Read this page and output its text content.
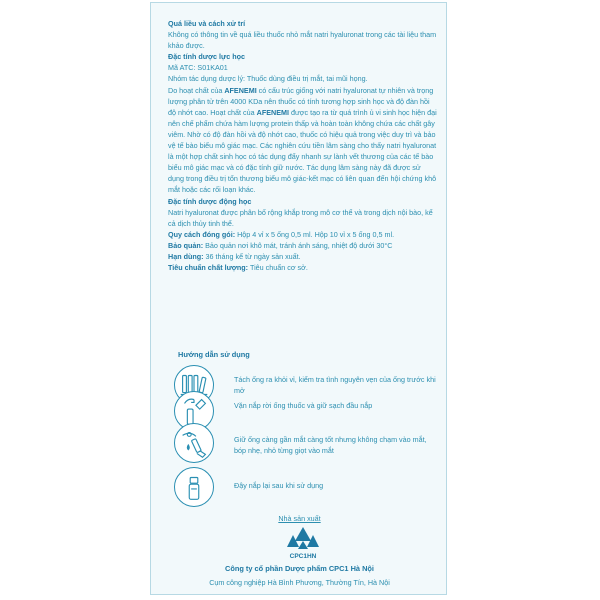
Quá liều và cách xử trí

Không có thông tin về quá liều thuốc nhỏ mắt natri hyaluronat trong các tài liệu tham khảo được.

Đặc tính dược lực học

Mã ATC: S01KA01

Nhóm tác dụng dược lý: Thuốc dùng điều trị mắt, tai mũi họng.

Do hoạt chất của AFENEMI có cấu trúc giống với natri hyaluronat tự nhiên và trọng lượng phân tử trên 4000 KDa nên thuốc có tính tương hợp sinh học và độ đàn hồi độ nhớt cao. Hoạt chất của AFENEMI được tạo ra từ quá trình ủ vi sinh học hiện đại nên chế phẩm chứa hàm lượng protein thấp và hoàn toàn không chứa các chất gây viêm. Nhờ có độ đàn hồi và độ nhớt cao, thuốc có hiệu quả trong việc duy trì và bảo vệ tế bào biểu mô giác mạc. Các nghiên cứu tiền lâm sàng cho thấy natri hyaluronat là một hợp chất sinh học có tác dụng đẩy nhanh sự lành vết thương của các tế bào biểu mô giác mạc và có đặc tính giữ nước. Tác dụng lâm sàng này đã được sử dụng trong điều trị tổn thương biểu mô giác-kết mạc có liên quan đến hội chứng khô mắt hoặc các rối loạn khác.

Đặc tính dược động học

Natri hyaluronat được phân bố rộng khắp trong mô cơ thể và trong dịch nội bào, kể cả dịch thủy tinh thể.

Quy cách đóng gói: Hộp 4 vỉ x 5 ống 0,5 ml. Hộp 10 vỉ x 5 ống 0,5 ml.

Bảo quản: Bảo quản nơi khô mát, tránh ánh sáng, nhiệt độ dưới 30°C

Hạn dùng: 36 tháng kể từ ngày sản xuất.

Tiêu chuẩn chất lượng: Tiêu chuẩn cơ sở.

Hướng dẫn sử dụng
Tách ống ra khỏi vỉ, kiểm tra tình nguyên vẹn của ống trước khi mở
Vặn nắp rời ống thuốc và giữ sạch đầu nắp
Giữ ống càng gần mắt càng tốt nhưng không chạm vào mắt, bóp nhẹ, nhỏ từng giọt vào mắt
Đậy nắp lại sau khi sử dụng
Nhà sản xuất
CPC1HN
Công ty cổ phần Dược phẩm CPC1 Hà Nội
Cụm công nghiệp Hà Bình Phương, Thường Tín, Hà Nội
